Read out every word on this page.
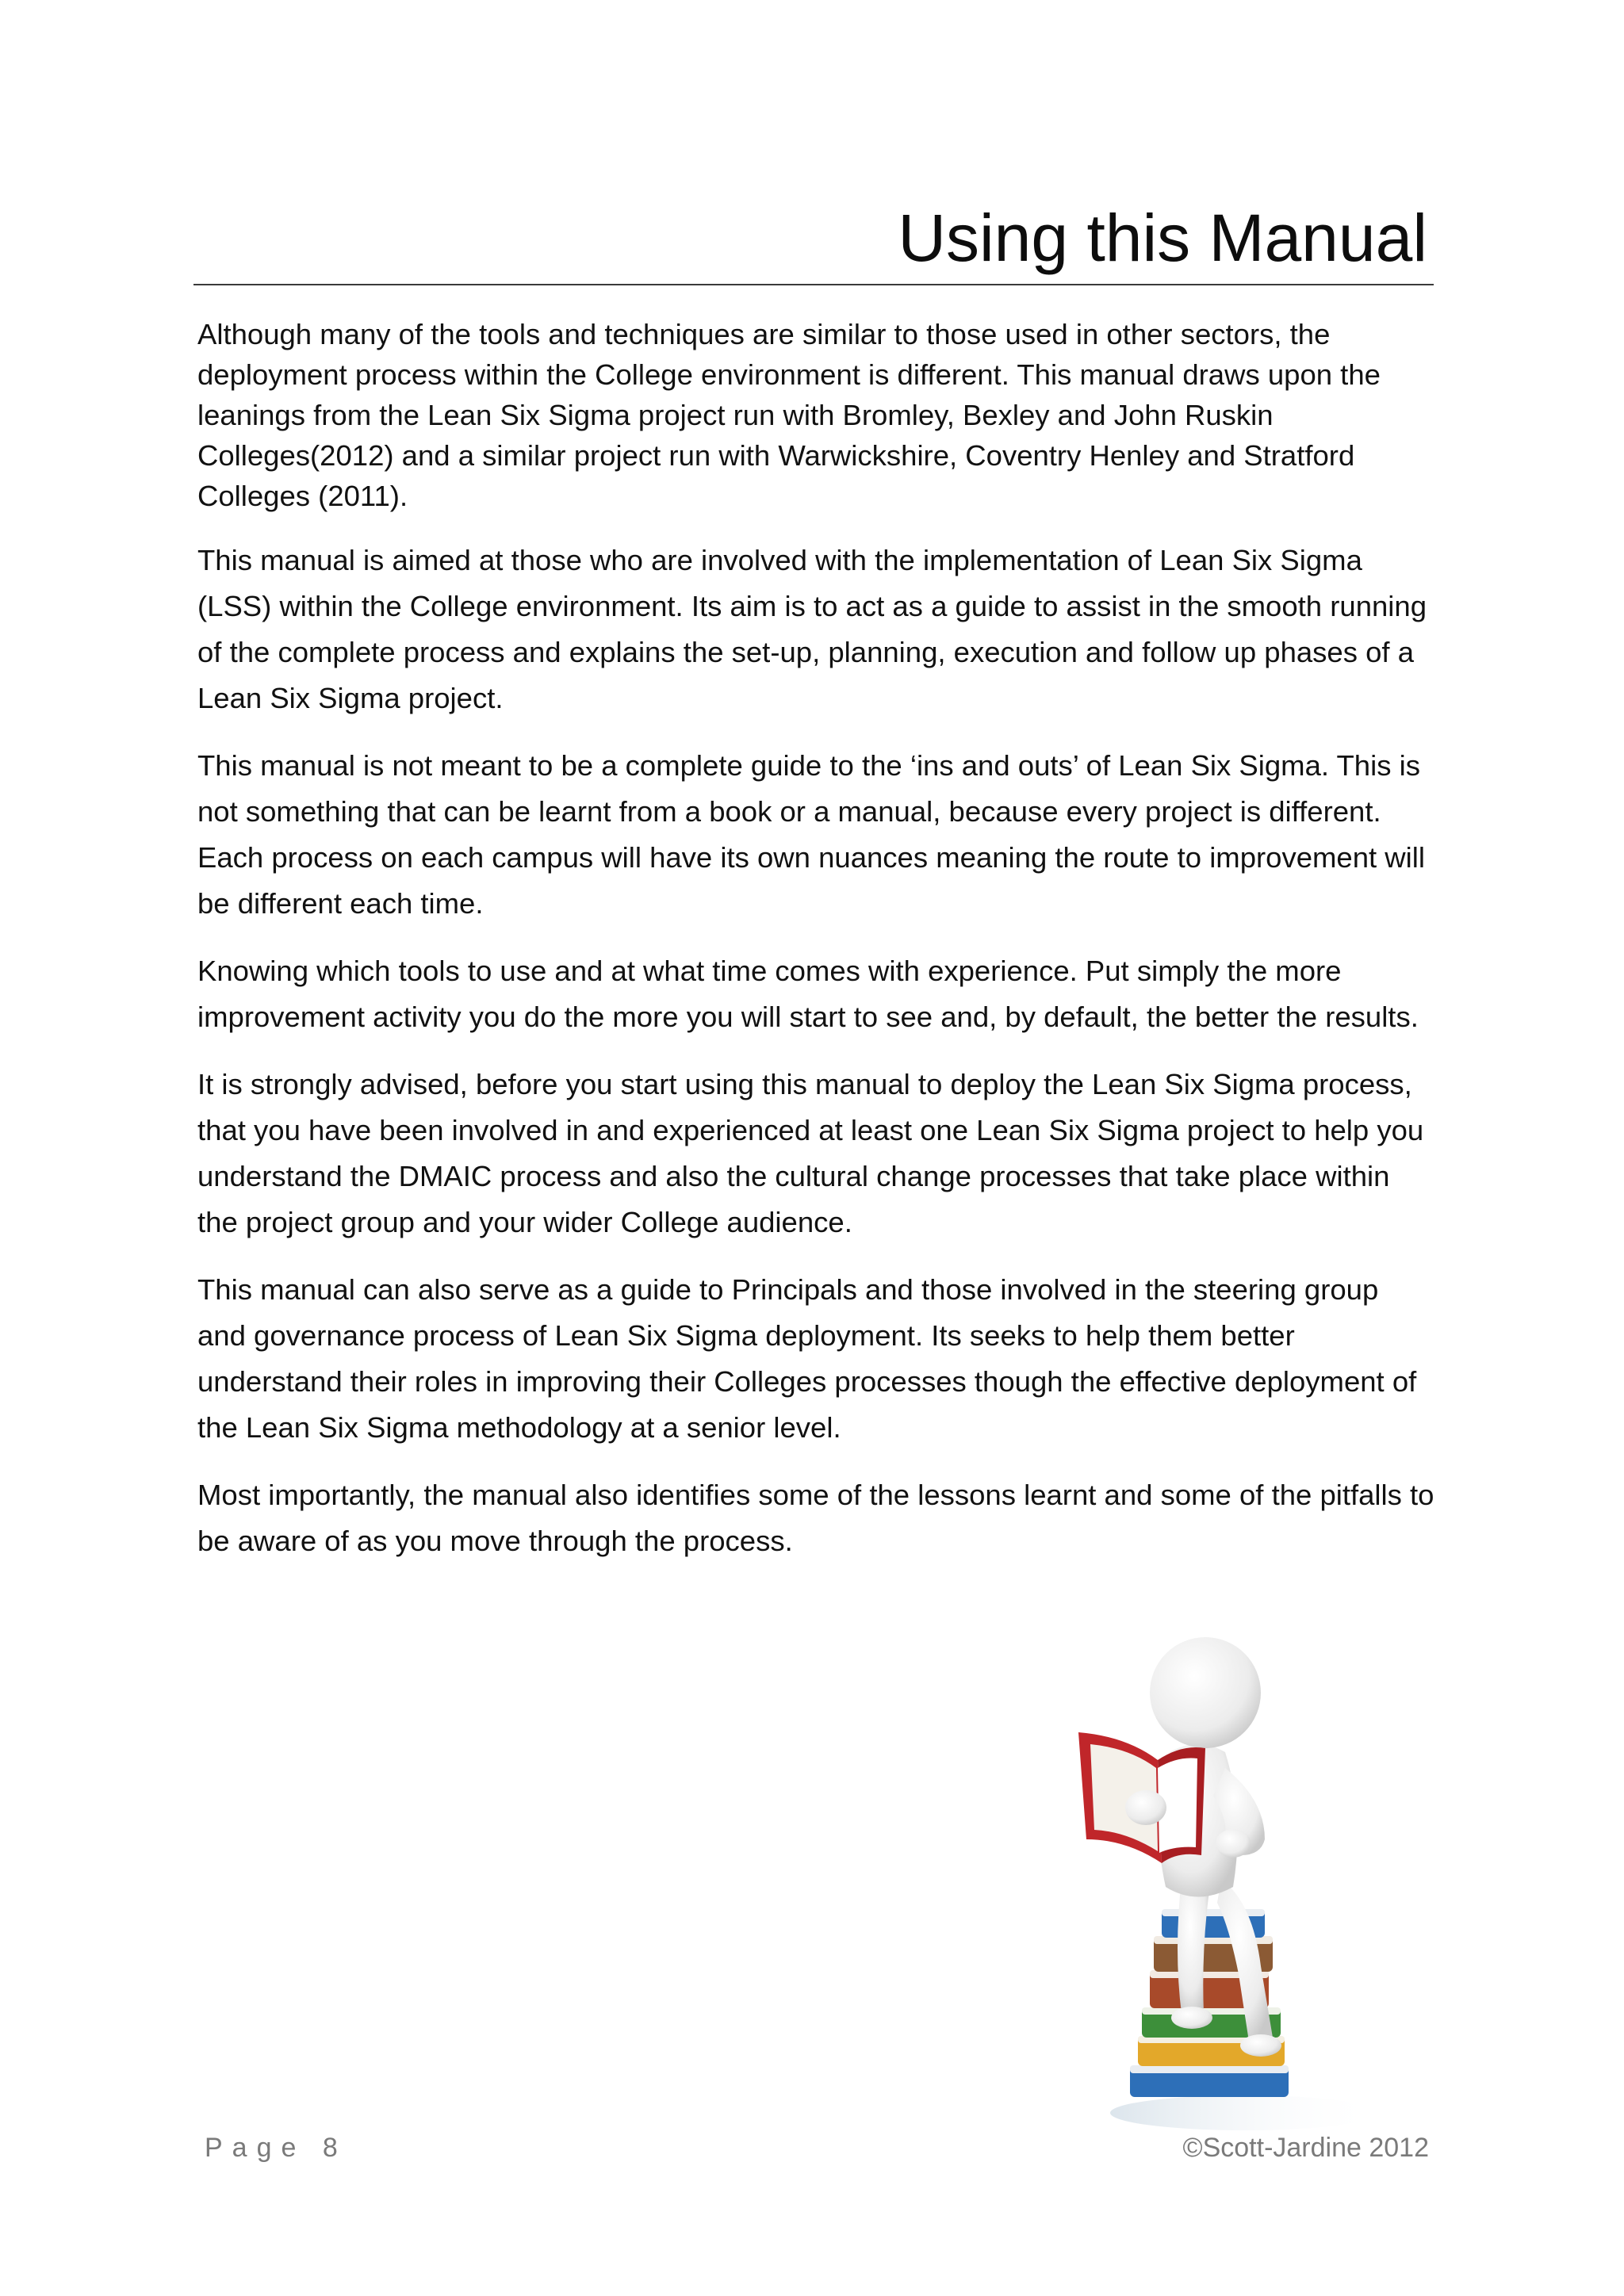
Using this Manual

Although many of the tools and techniques are similar to those used in other sectors, the deployment process within the College environment is different. This manual draws upon the leanings from the Lean Six Sigma project run with Bromley, Bexley and John Ruskin Colleges(2012) and a similar project run with Warwickshire, Coventry Henley and Stratford Colleges (2011).

This manual is aimed at those who are involved with the implementation of Lean Six Sigma (LSS) within the College environment. Its aim is to act as a guide to assist in the smooth running of the complete process and explains the set-up, planning, execution and follow up phases of a Lean Six Sigma project.

This manual is not meant to be a complete guide to the ‘ins and outs’ of Lean Six Sigma. This is not something that can be learnt from a book or a manual, because every project is different. Each process on each campus will have its own nuances meaning the route to improvement will be different each time.

Knowing which tools to use and at what time comes with experience. Put simply the more improvement activity you do the more you will start to see and, by default, the better the results.

It is strongly advised, before you start using this manual to deploy the Lean Six Sigma process, that you have been involved in and experienced at least one Lean Six Sigma project to help you understand the DMAIC process and also the cultural change processes that take place within the project group and your wider College audience.

This manual can also serve as a guide to Principals and those involved in the steering group and governance process of Lean Six Sigma deployment. Its seeks to help them better understand their roles in improving their Colleges processes though the effective deployment of the Lean Six Sigma methodology at a senior level.

Most importantly, the manual also identifies some of the lessons learnt and some of the pitfalls to be aware of as you move through the process.

Page 8	©Scott-Jardine 2012
